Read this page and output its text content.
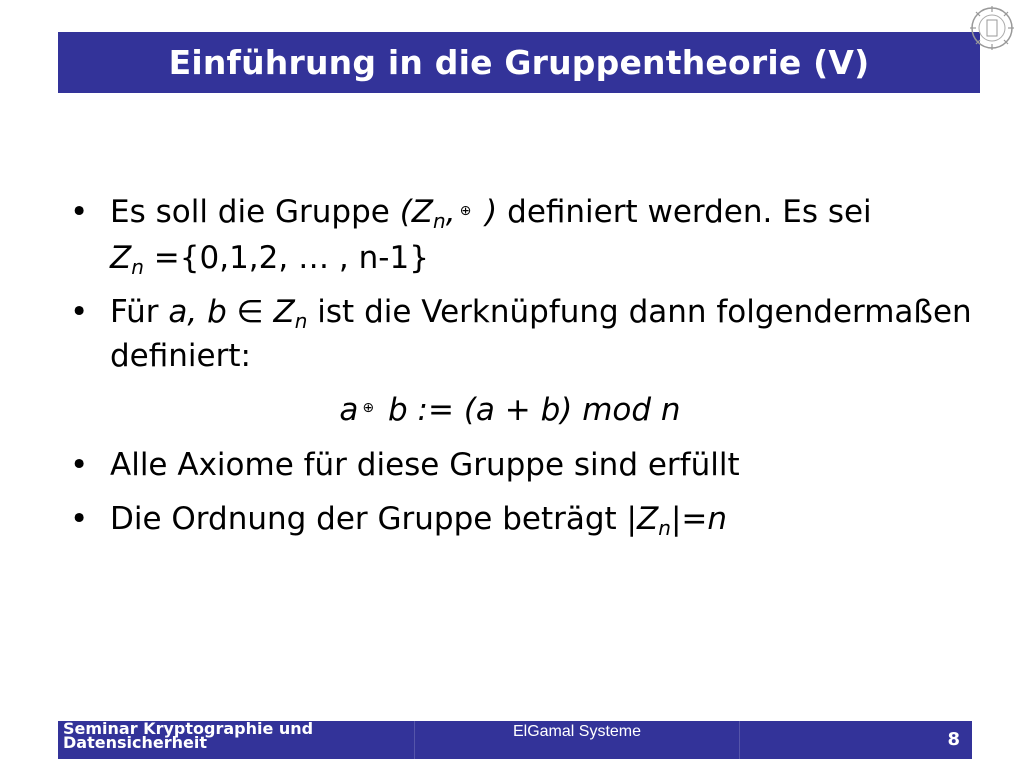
Einführung in die Gruppentheorie (V)
• Es soll die Gruppe ($Z_n$, ⊕ ) definiert werden. Es sei
$Z_n =\{0,1,2$, … , n-1}
• Für a, b ∈ $Z_n$ ist die Verknüpfung dann folgendermaßen definiert:
a ⊕ b := (a + b) mod n
• Alle Axiome für diese Gruppe sind erfüllt
• Die Ordnung der Gruppe beträgt $|Z_n|=n$
Seminar Kryptographie und Datensicherheit
ElGamal Systeme	8
